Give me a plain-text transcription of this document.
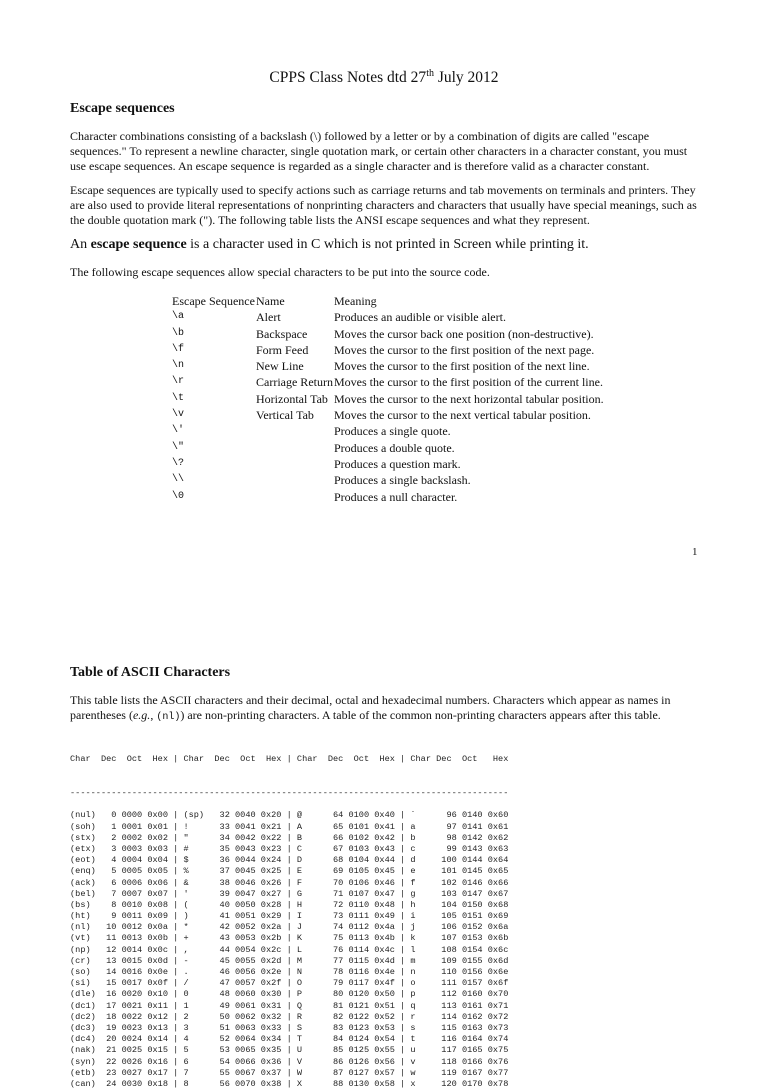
CPPS Class Notes dtd 27th July 2012
Escape sequences
Character combinations consisting of a backslash (\) followed by a letter or by a combination of digits are called "escape sequences." To represent a newline character, single quotation mark, or certain other characters in a character constant, you must use escape sequences. An escape sequence is regarded as a single character and is therefore valid as a character constant.
Escape sequences are typically used to specify actions such as carriage returns and tab movements on terminals and printers. They are also used to provide literal representations of nonprinting characters and characters that usually have special meanings, such as the double quotation mark ("). The following table lists the ANSI escape sequences and what they represent.
An escape sequence is a character used in C which is not printed in Screen while printing it.
The following escape sequences allow special characters to be put into the source code.
Escape Sequence	Name	Meaning
\a	Alert	Produces an audible or visible alert.
\b	Backspace	Moves the cursor back one position (non-destructive).
\f	Form Feed	Moves the cursor to the first position of the next page.
\n	New Line	Moves the cursor to the first position of the next line.
\r	Carriage Return	Moves the cursor to the first position of the current line.
\t	Horizontal Tab	Moves the cursor to the next horizontal tabular position.
\v	Vertical Tab	Moves the cursor to the next vertical tabular position.
\'		Produces a single quote.
\"		Produces a double quote.
\?		Produces a question mark.
\\		Produces a single backslash.
\0		Produces a null character.
1
Table of ASCII Characters
This table lists the ASCII characters and their decimal, octal and hexadecimal numbers. Characters which appear as names in parentheses (e.g., (nl)) are non-printing characters. A table of the common non-printing characters appears after this table.

Char  Dec  Oct  Hex | Char  Dec  Oct  Hex | Char  Dec  Oct  Hex | Char Dec  Oct   Hex

-------------------------------------------------------------------------------------

(nul)   0 0000 0x00 | (sp)   32 0040 0x20 | @      64 0100 0x40 | `      96 0140 0x60
(soh)   1 0001 0x01 | !      33 0041 0x21 | A      65 0101 0x41 | a      97 0141 0x61
(stx)   2 0002 0x02 | "      34 0042 0x22 | B      66 0102 0x42 | b      98 0142 0x62
(etx)   3 0003 0x03 | #      35 0043 0x23 | C      67 0103 0x43 | c      99 0143 0x63
(eot)   4 0004 0x04 | $      36 0044 0x24 | D      68 0104 0x44 | d     100 0144 0x64
(enq)   5 0005 0x05 | %      37 0045 0x25 | E      69 0105 0x45 | e     101 0145 0x65
(ack)   6 0006 0x06 | &      38 0046 0x26 | F      70 0106 0x46 | f     102 0146 0x66
(bel)   7 0007 0x07 | '      39 0047 0x27 | G      71 0107 0x47 | g     103 0147 0x67
(bs)    8 0010 0x08 | (      40 0050 0x28 | H      72 0110 0x48 | h     104 0150 0x68
(ht)    9 0011 0x09 | )      41 0051 0x29 | I      73 0111 0x49 | i     105 0151 0x69
(nl)   10 0012 0x0a | *      42 0052 0x2a | J      74 0112 0x4a | j     106 0152 0x6a
(vt)   11 0013 0x0b | +      43 0053 0x2b | K      75 0113 0x4b | k     107 0153 0x6b
(np)   12 0014 0x0c | ,      44 0054 0x2c | L      76 0114 0x4c | l     108 0154 0x6c
(cr)   13 0015 0x0d | -      45 0055 0x2d | M      77 0115 0x4d | m     109 0155 0x6d
(so)   14 0016 0x0e | .      46 0056 0x2e | N      78 0116 0x4e | n     110 0156 0x6e
(si)   15 0017 0x0f | /      47 0057 0x2f | O      79 0117 0x4f | o     111 0157 0x6f
(dle)  16 0020 0x10 | 0      48 0060 0x30 | P      80 0120 0x50 | p     112 0160 0x70
(dc1)  17 0021 0x11 | 1      49 0061 0x31 | Q      81 0121 0x51 | q     113 0161 0x71
(dc2)  18 0022 0x12 | 2      50 0062 0x32 | R      82 0122 0x52 | r     114 0162 0x72
(dc3)  19 0023 0x13 | 3      51 0063 0x33 | S      83 0123 0x53 | s     115 0163 0x73
(dc4)  20 0024 0x14 | 4      52 0064 0x34 | T      84 0124 0x54 | t     116 0164 0x74
(nak)  21 0025 0x15 | 5      53 0065 0x35 | U      85 0125 0x55 | u     117 0165 0x75
(syn)  22 0026 0x16 | 6      54 0066 0x36 | V      86 0126 0x56 | v     118 0166 0x76
(etb)  23 0027 0x17 | 7      55 0067 0x37 | W      87 0127 0x57 | w     119 0167 0x77
(can)  24 0030 0x18 | 8      56 0070 0x38 | X      88 0130 0x58 | x     120 0170 0x78
